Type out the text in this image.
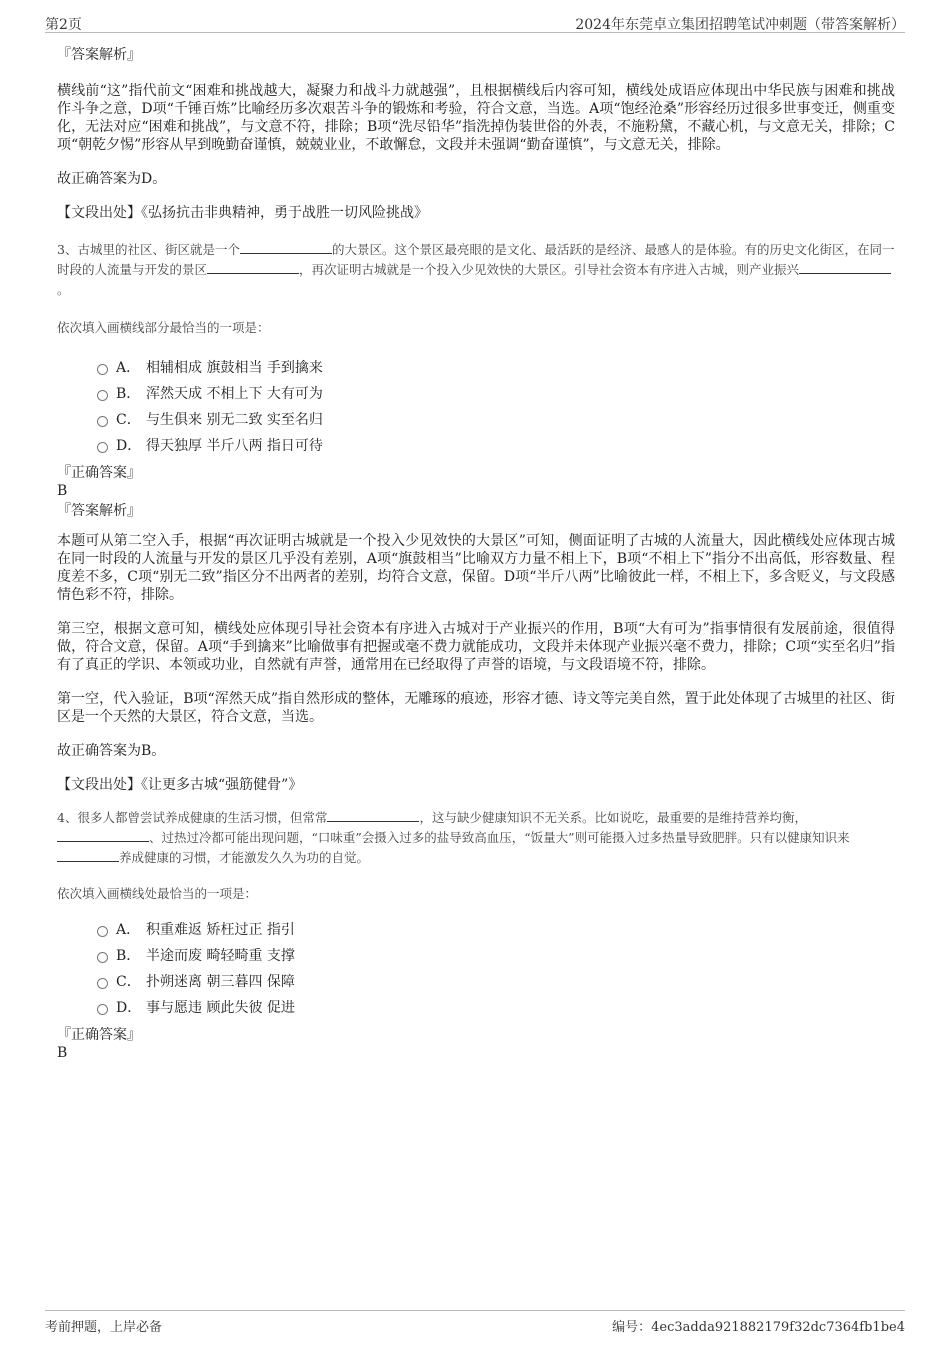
第2页	2024年东莞卓立集团招聘笔试冲刺题（带答案解析）
『答案解析』

横线前“这”指代前文“困难和挑战越大，凝聚力和战斗力就越强”，且根据横线后内容可知，横线处成语应体现出中华民族与困难和挑战作斗争之意，D项“千锤百炼”比喻经历多次艰苦斗争的锻炼和考验，符合文意，当选。A项“饱经沧桑”形容经历过很多世事变迁，侧重变化，无法对应“困难和挑战”，与文意不符，排除；B项“洗尽铅华”指洗掉伪装世俗的外表，不施粉黛，不藏心机，与文意无关，排除；C项“朝乾夕惕”形容从早到晚勤奋谨慎，兢兢业业，不敢懈怠，文段并未强调“勤奋谨慎”，与文意无关，排除。

故正确答案为D。

【文段出处】《弘扬抗击非典精神，勇于战胜一切风险挑战》

3、古城里的社区、街区就是一个	的大景区。这个景区最亮眼的是文化、最活跃的是经济、最感人的是体验。有的历史文化街区，在同一时段的人流量与开发的景区	，再次证明古城就是一个投入少见效快的大景区。引导社会资本有序进入古城，则产业振兴。
依次填入画横线部分最恰当的一项是：
A． 相辅相成 旗鼓相当 手到擒来
B． 浑然天成 不相上下 大有可为
C． 与生俱来 别无二致 实至名归
D． 得天独厚 半斤八两 指日可待
『正确答案』
B
『答案解析』

本题可从第二空入手，根据“再次证明古城就是一个投入少见效快的大景区”可知，侧面证明了古城的人流量大，因此横线处应体现古城在同一时段的人流量与开发的景区几乎没有差别，A项“旗鼓相当”比喻双方力量不相上下，B项“不相上下”指分不出高低，形容数量、程度差不多，C项“别无二致”指区分不出两者的差别，均符合文意，保留。D项“半斤八两”比喻彼此一样，不相上下，多含贬义，与文段感情色彩不符，排除。

第三空，根据文意可知，横线处应体现引导社会资本有序进入古城对于产业振兴的作用，B项“大有可为”指事情很有发展前途，很值得做，符合文意，保留。A项“手到擒来”比喻做事有把握或毫不费力就能成功，文段并未体现产业振兴毫不费力，排除；C项“实至名归”指有了真正的学识、本领或功业，自然就有声誉，通常用在已经取得了声誉的语境，与文段语境不符，排除。

第一空，代入验证，B项“浑然天成”指自然形成的整体，无雕琢的痕迹，形容才德、诗文等完美自然，置于此处体现了古城里的社区、街区是一个天然的大景区，符合文意，当选。

故正确答案为B。

【文段出处】《让更多古城“强筋健骨”》

4、很多人都曾尝试养成健康的生活习惯，但常常	，这与缺少健康知识不无关系。比如说吃，最重要的是维持营养均衡，、过热过冷都可能出现问题，“口味重”会摄入过多的盐导致高血压，“饭量大”则可能摄入过多热量导致肥胖。只有以健康知识来养成健康的习惯，才能激发久久为功的自觉。
依次填入画横线处最恰当的一项是：
A． 积重难返 矫枉过正 指引
B． 半途而废 畸轻畸重 支撑
C． 扑朔迷离 朝三暮四 保障
D． 事与愿违 顾此失彼 促进
『正确答案』
B
考前押题，上岸必备	编号：4ec3adda921882179f32dc7364fb1be4
